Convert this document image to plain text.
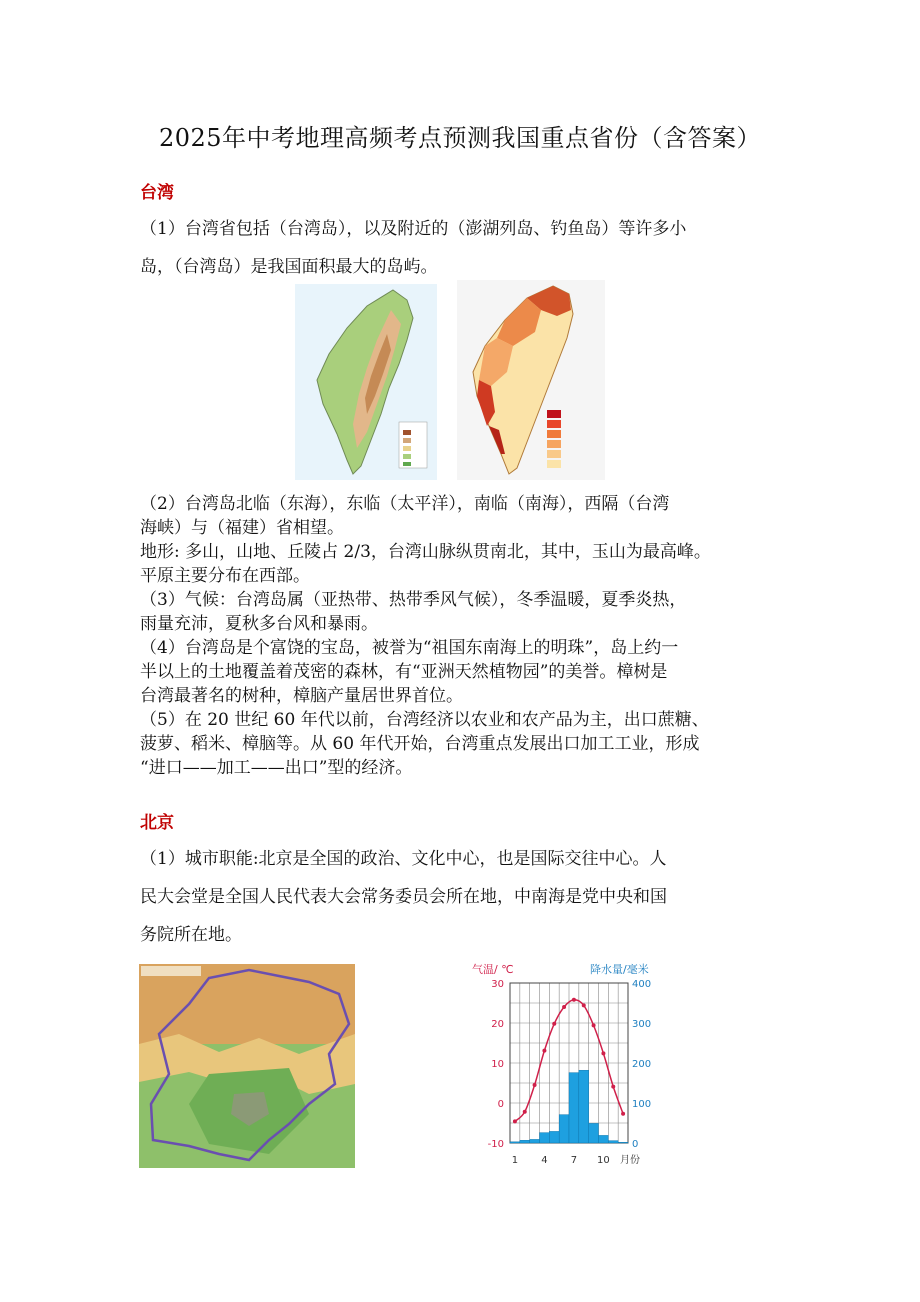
2025年中考地理高频考点预测我国重点省份（含答案）
台湾
（1）台湾省包括（台湾岛），以及附近的（澎湖列岛、钓鱼岛）等许多小
岛，（台湾岛）是我国面积最大的岛屿。
（2）台湾岛北临（东海），东临（太平洋），南临（南海），西隔（台湾
海峡）与（福建）省相望。
地形: 多山，山地、丘陵占 2/3，台湾山脉纵贯南北，其中，玉山为最高峰。
平原主要分布在西部。
（3）气候：台湾岛属（亚热带、热带季风气候），冬季温暖，夏季炎热，
雨量充沛，夏秋多台风和暴雨。
（4）台湾岛是个富饶的宝岛，被誉为“祖国东南海上的明珠”，岛上约一
半以上的土地覆盖着茂密的森林，有“亚洲天然植物园”的美誉。樟树是
台湾最著名的树种，樟脑产量居世界首位。
（5）在 20 世纪 60 年代以前，台湾经济以农业和农产品为主，出口蔗糖、
菠萝、稻米、樟脑等。从 60 年代开始，台湾重点发展出口加工工业，形成
“进口——加工——出口”型的经济。
北京
（1）城市职能:北京是全国的政治、文化中心，也是国际交往中心。人
民大会堂是全国人民代表大会常务委员会所在地，中南海是党中央和国
务院所在地。
气温/ ℃	降水量/毫米
30
20
10
0
-10
400
300
200
100
0
1 4 7 10 月份
